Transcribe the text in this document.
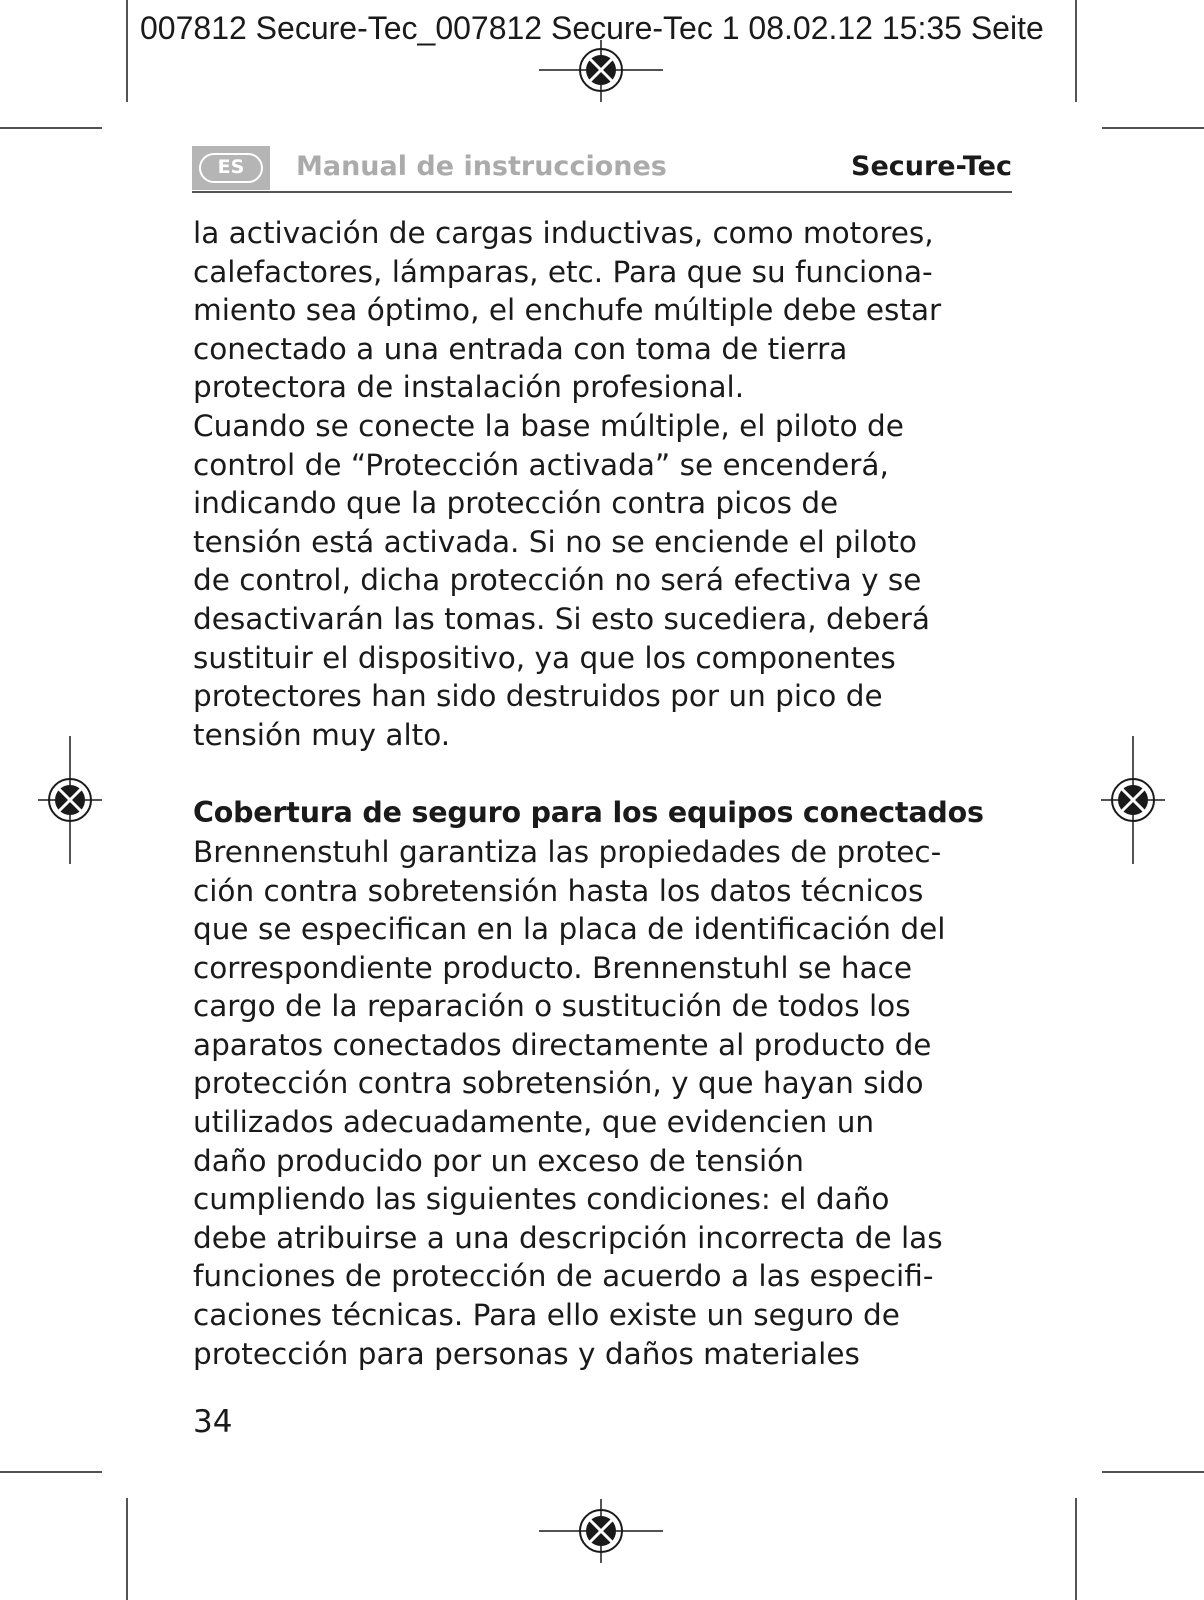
007812 Secure-Tec_007812 Secure-Tec 1 08.02.12 15:35 Seite
ES	Manual de instrucciones	Secure-Tec
la activación de cargas inductivas, como motores,
calefactores, lámparas, etc. Para que su funciona-
miento sea óptimo, el enchufe múltiple debe estar
conectado a una entrada con toma de tierra
protectora de instalación profesional.
Cuando se conecte la base múltiple, el piloto de
control de “Protección activada” se encenderá,
indicando que la protección contra picos de
tensión está activada. Si no se enciende el piloto
de control, dicha protección no será efectiva y se
desactivarán las tomas. Si esto sucediera, deberá
sustituir el dispositivo, ya que los componentes
protectores han sido destruidos por un pico de
tensión muy alto.
Cobertura de seguro para los equipos conectados
Brennenstuhl garantiza las propiedades de protec-
ción contra sobretensión hasta los datos técnicos
que se especifican en la placa de identificación del
correspondiente producto. Brennenstuhl se hace
cargo de la reparación o sustitución de todos los
aparatos conectados directamente al producto de
protección contra sobretensión, y que hayan sido
utilizados adecuadamente, que evidencien un
daño producido por un exceso de tensión
cumpliendo las siguientes condiciones: el daño
debe atribuirse a una descripción incorrecta de las
funciones de protección de acuerdo a las especifi-
caciones técnicas. Para ello existe un seguro de
protección para personas y daños materiales
34
